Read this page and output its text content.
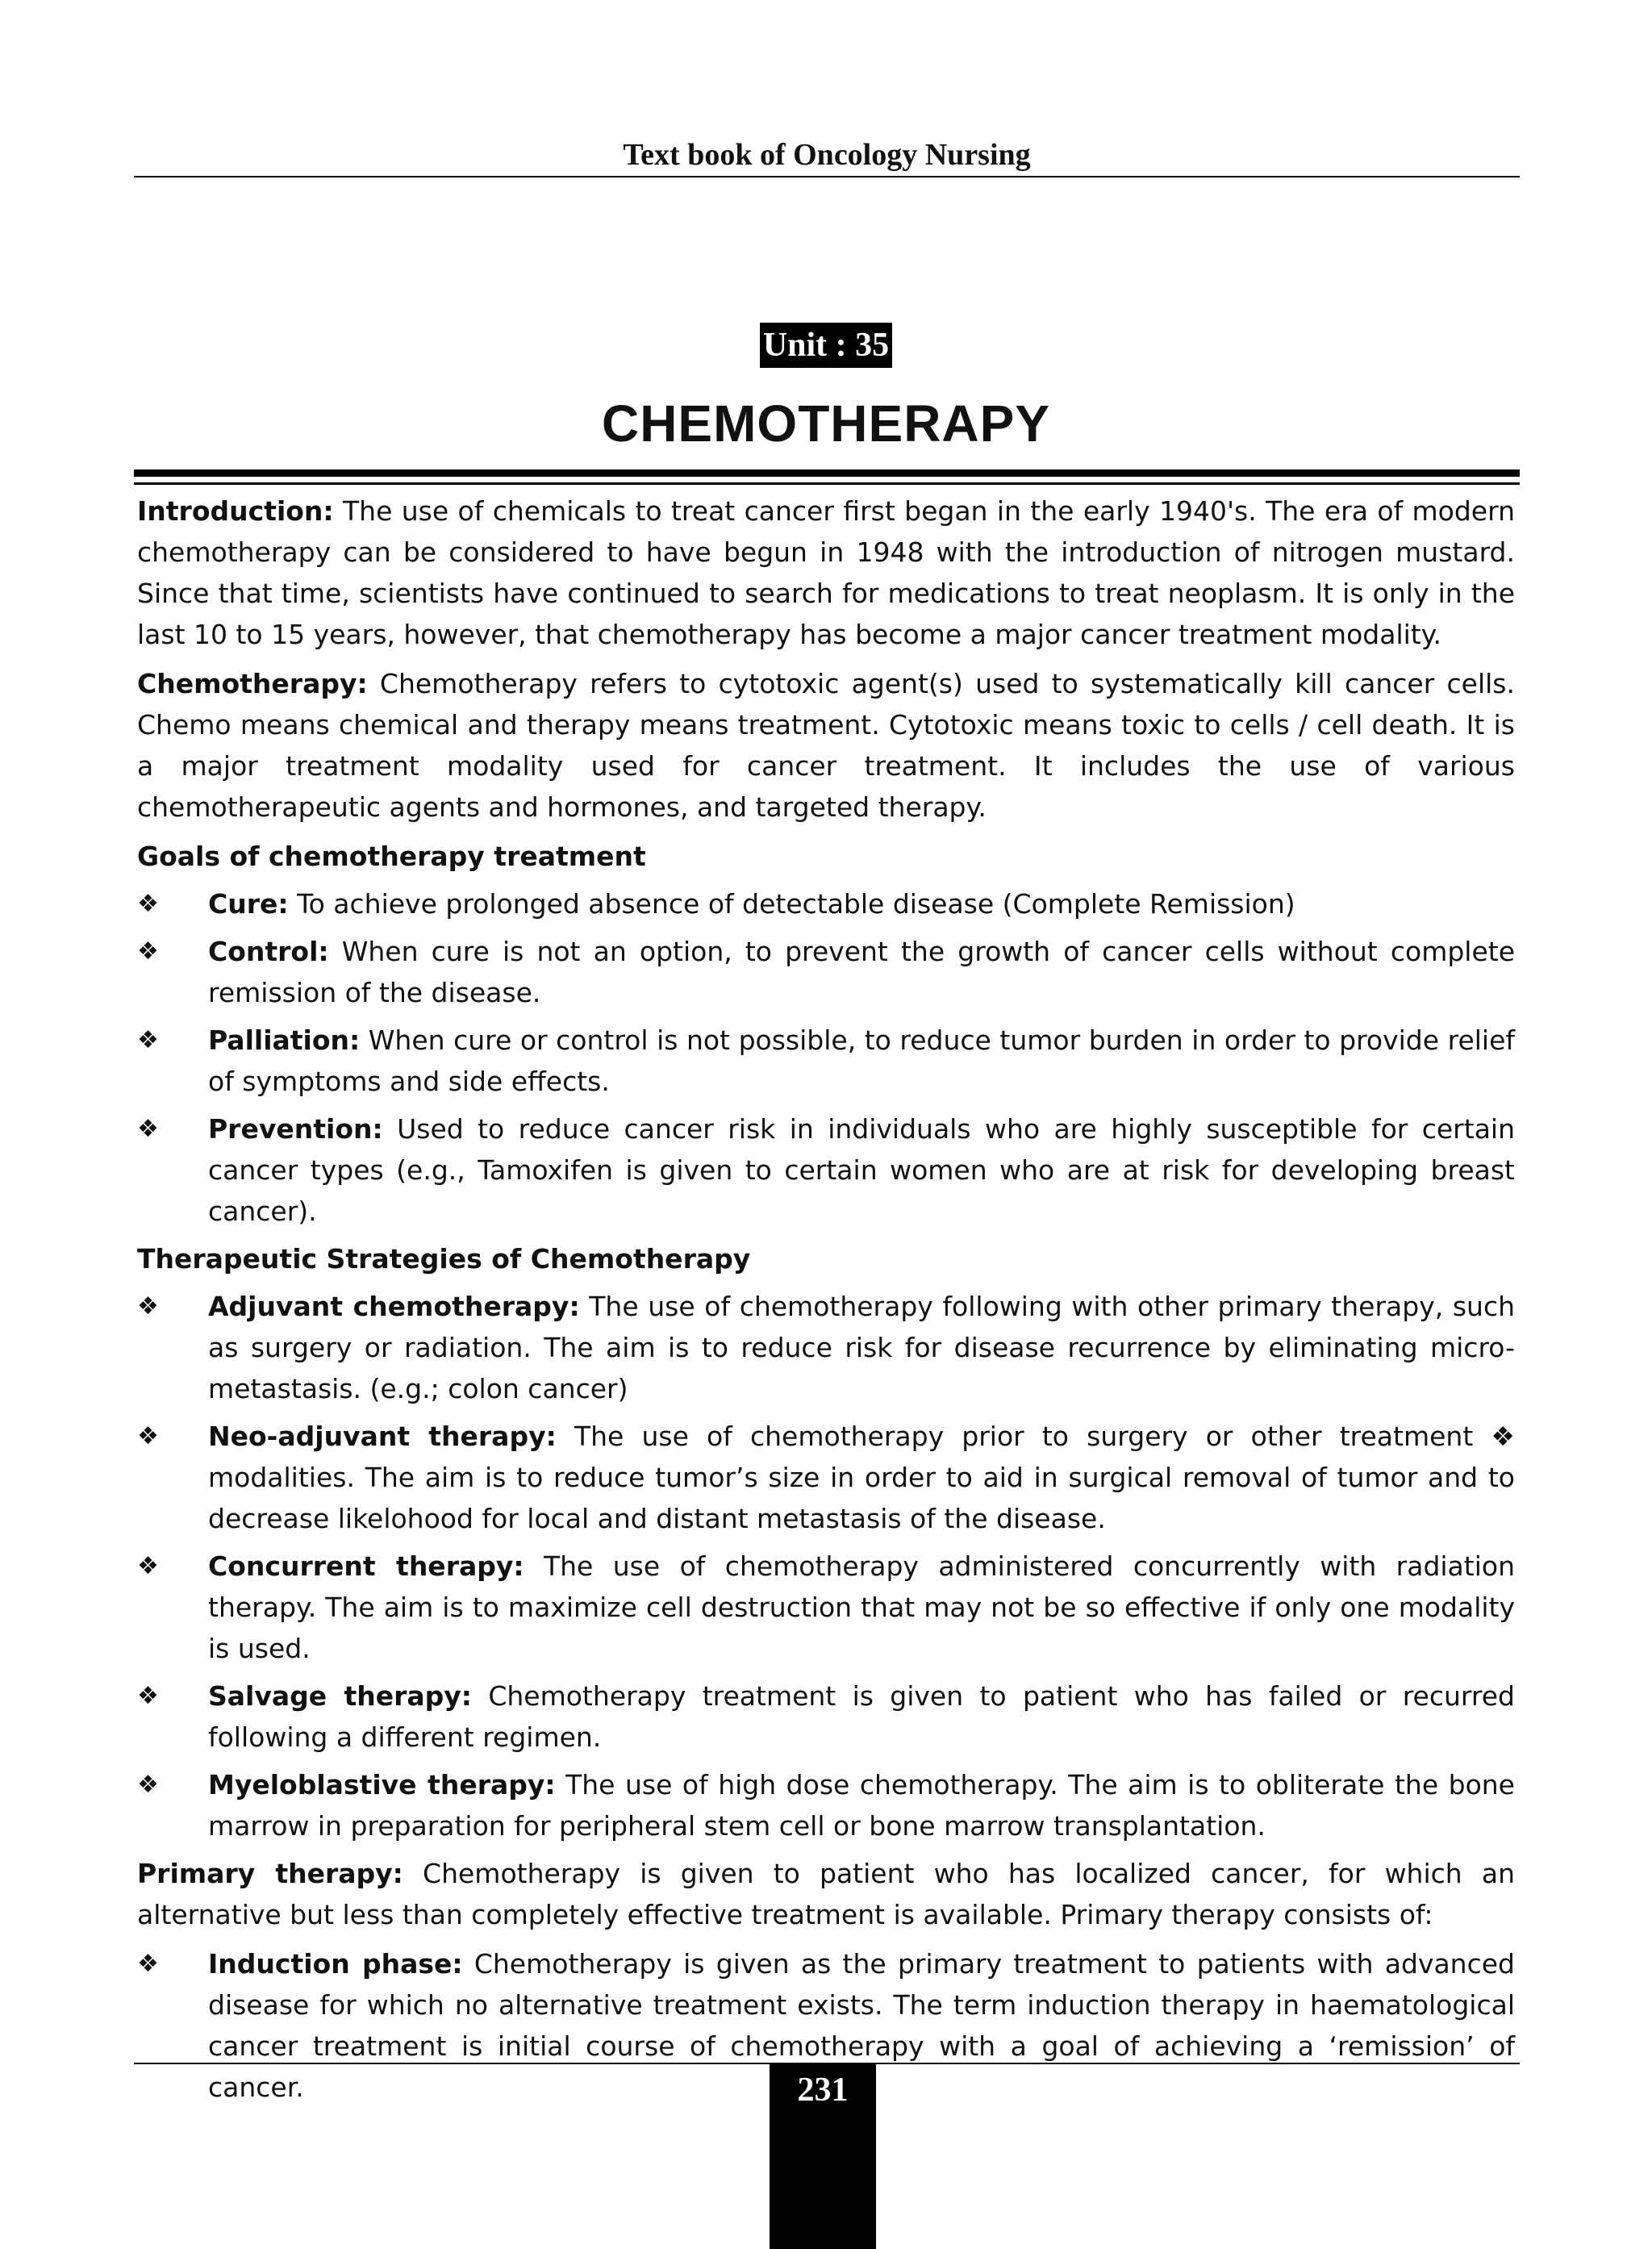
Text book of Oncology Nursing
Unit : 35
CHEMOTHERAPY

Introduction: The use of chemicals to treat cancer first began in the early 1940's. The era of modern chemotherapy can be considered to have begun in 1948 with the introduction of nitrogen mustard. Since that time, scientists have continued to search for medications to treat neoplasm. It is only in the last 10 to 15 years, however, that chemotherapy has become a major cancer treatment modality.

Chemotherapy: Chemotherapy refers to cytotoxic agent(s) used to systematically kill cancer cells. Chemo means chemical and therapy means treatment. Cytotoxic means toxic to cells / cell death. It is a major treatment modality used for cancer treatment. It includes the use of various chemotherapeutic agents and hormones, and targeted therapy.

Goals of chemotherapy treatment
❖	Cure: To achieve prolonged absence of detectable disease (Complete Remission)
❖	Control: When cure is not an option, to prevent the growth of cancer cells without complete remission of the disease.
❖	Palliation: When cure or control is not possible, to reduce tumor burden in order to provide relief of symptoms and side effects.
❖	Prevention: Used to reduce cancer risk in individuals who are highly susceptible for certain cancer types (e.g., Tamoxifen is given to certain women who are at risk for developing breast cancer).
Therapeutic Strategies of Chemotherapy
❖	Adjuvant chemotherapy: The use of chemotherapy following with other primary therapy, such as surgery or radiation. The aim is to reduce risk for disease recurrence by eliminating micro-metastasis. (e.g.; colon cancer)
❖	Neo-adjuvant therapy: The use of chemotherapy prior to surgery or other treatment ❖ modalities. The aim is to reduce tumor’s size in order to aid in surgical removal of tumor and to decrease likelohood for local and distant metastasis of the disease.
❖	Concurrent therapy: The use of chemotherapy administered concurrently with radiation therapy. The aim is to maximize cell destruction that may not be so effective if only one modality is used.
❖	Salvage therapy: Chemotherapy treatment is given to patient who has failed or recurred following a different regimen.
❖	Myeloblastive therapy: The use of high dose chemotherapy. The aim is to obliterate the bone marrow in preparation for peripheral stem cell or bone marrow transplantation.

Primary therapy: Chemotherapy is given to patient who has localized cancer, for which an alternative but less than completely effective treatment is available. Primary therapy consists of:

❖	Induction phase: Chemotherapy is given as the primary treatment to patients with advanced disease for which no alternative treatment exists. The term induction therapy in haematological cancer treatment is initial course of chemotherapy with a goal of achieving a ‘remission’ of cancer.	231
